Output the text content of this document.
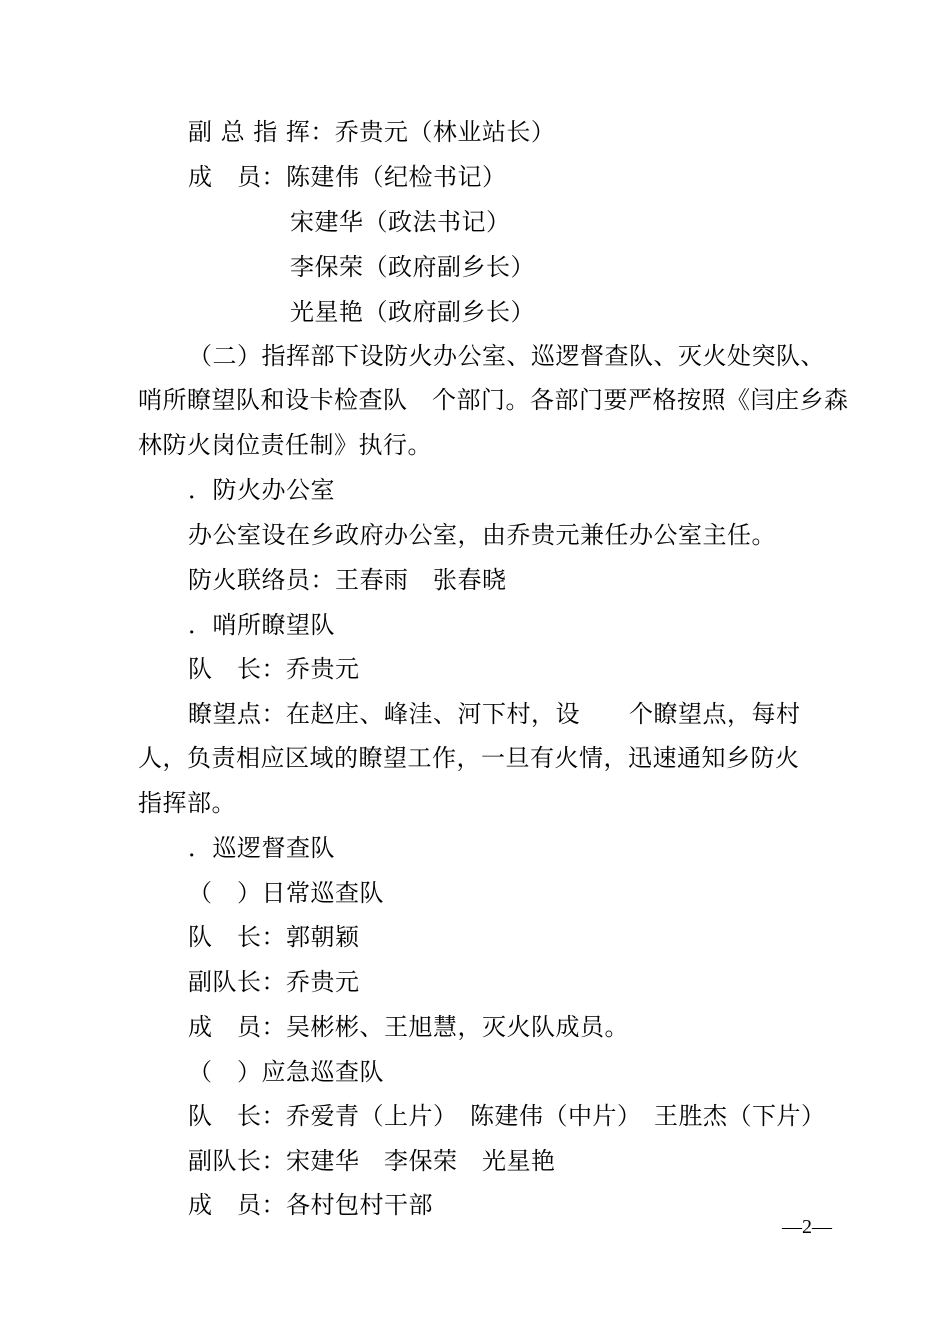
副 总 指 挥：乔贵元（林业站长）
成　员：陈建伟（纪检书记）
宋建华（政法书记）
李保荣（政府副乡长）
光星艳（政府副乡长）
（二）指挥部下设防火办公室、巡逻督查队、灭火处突队、
哨所瞭望队和设卡检查队　个部门。各部门要严格按照《闫庄乡森
林防火岗位责任制》执行。
．防火办公室
办公室设在乡政府办公室，由乔贵元兼任办公室主任。
防火联络员：王春雨　张春晓
．哨所瞭望队
队　长：乔贵元
瞭望点：在赵庄、峰洼、河下村，设　　个瞭望点，每村
人，负责相应区域的瞭望工作，一旦有火情，迅速通知乡防火
指挥部。
．巡逻督查队
（　）日常巡查队
队　长：郭朝颖
副队长：乔贵元
成　员：吴彬彬、王旭慧，灭火队成员。
（　）应急巡查队
队　长：乔爱青（上片）　陈建伟（中片）　王胜杰（下片）
副队长：宋建华　李保荣　光星艳
成　员：各村包村干部
—2—
